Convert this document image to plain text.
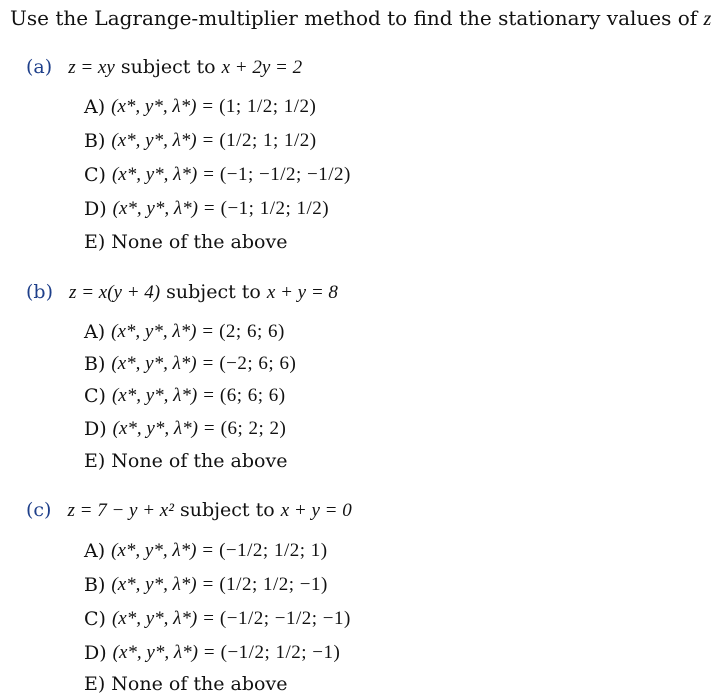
Use the Lagrange-multiplier method to find the stationary values of z
(a) z = xy subject to x + 2y = 2
A) (x*, y*, λ*) = (1; 1/2; 1/2)
B) (x*, y*, λ*) = (1/2; 1; 1/2)
C) (x*, y*, λ*) = (−1; −1/2; −1/2)
D) (x*, y*, λ*) = (−1; 1/2; 1/2)
E) None of the above
(b) z = x(y + 4) subject to x + y = 8
A) (x*, y*, λ*) = (2; 6; 6)
B) (x*, y*, λ*) = (−2; 6; 6)
C) (x*, y*, λ*) = (6; 6; 6)
D) (x*, y*, λ*) = (6; 2; 2)
E) None of the above
(c) z = 7 − y + x² subject to x + y = 0
A) (x*, y*, λ*) = (−1/2; 1/2; 1)
B) (x*, y*, λ*) = (1/2; 1/2; −1)
C) (x*, y*, λ*) = (−1/2; −1/2; −1)
D) (x*, y*, λ*) = (−1/2; 1/2; −1)
E) None of the above
